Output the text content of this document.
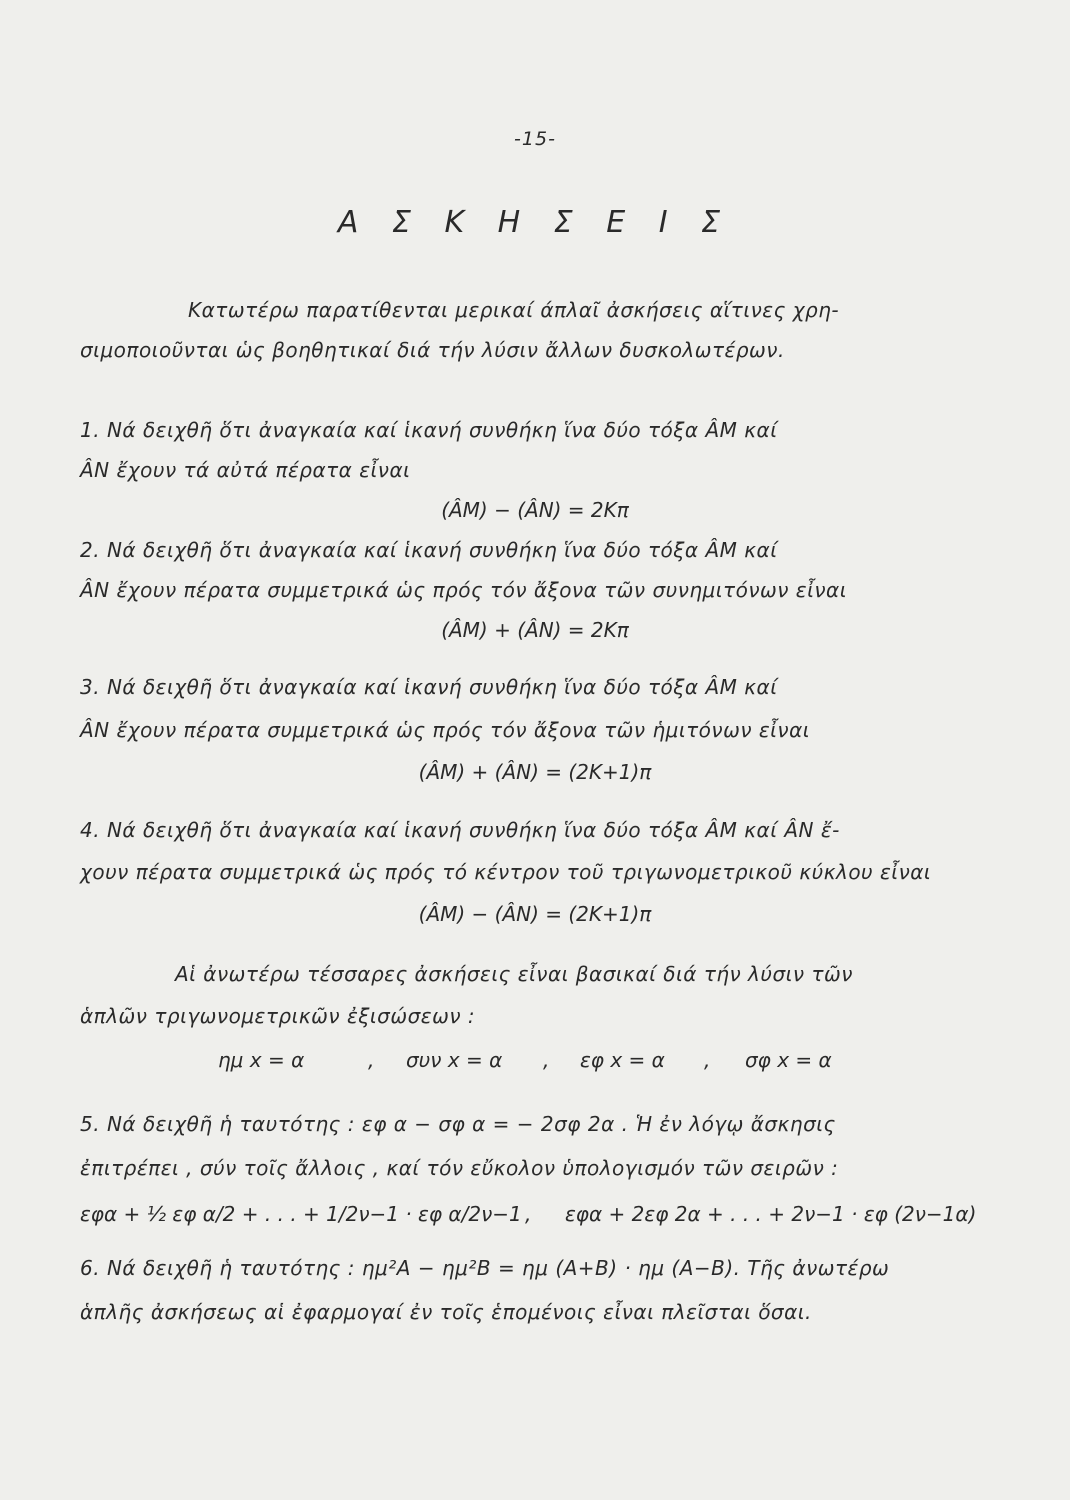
-15-
Α Σ Κ Η Σ Ε Ι Σ
Κατωτέρω παρατίθενται μερικαί άπλαῖ ἀσκήσεις αἵτινες χρη-
σιμοποιοῦνται ὡς βοηθητικαί διά τήν λύσιν ἄλλων δυσκολωτέρων.
1. Νά δειχθῆ ὅτι ἀναγκαία καί ἱκανή συνθήκη ἵνα δύο τόξα ÂM καί
ÂN ἔχουν τά αὐτά πέρατα εἶναι
(ÂM) − (ÂN) = 2Κπ
2. Νά δειχθῆ ὅτι ἀναγκαία καί ἱκανή συνθήκη ἵνα δύο τόξα ÂM καί
ÂN ἔχουν πέρατα συμμετρικά ὡς πρός τόν ἄξονα τῶν συνημιτόνων εἶναι
(ÂM) + (ÂN) = 2Κπ
3. Νά δειχθῆ ὅτι ἀναγκαία καί ἱκανή συνθήκη ἵνα δύο τόξα ÂM καί
ÂN ἔχουν πέρατα συμμετρικά ὡς πρός τόν ἄξονα τῶν ἡμιτόνων εἶναι
(ÂM) + (ÂN) = (2Κ+1)π
4. Νά δειχθῆ ὅτι ἀναγκαία καί ἱκανή συνθήκη ἵνα δύο τόξα ÂM καί ÂN ἔ-
χουν πέρατα συμμετρικά ὡς πρός τό κέντρον τοῦ τριγωνομετρικοῦ κύκλου εἶναι
(ÂM) − (ÂN) = (2Κ+1)π
Αἱ ἀνωτέρω τέσσαρες ἀσκήσεις εἶναι βασικαί διά τήν λύσιν τῶν
ἁπλῶν τριγωνομετρικῶν ἐξισώσεων :
ημ x = α	, συν x = α , εφ x = α , σφ x = α
5. Νά δειχθῆ ἡ ταυτότης : εφ α − σφ α = − 2σφ 2α . Ἡ ἐν λόγῳ ἄσκησις
ἐπιτρέπει , σύν τοῖς ἄλλοις , καί τόν εὔκολον ὑπολογισμόν τῶν σειρῶν :
εφα + ½ εφ α/2 + . . . + 1/2ν−1 · εφ α/2ν−1 , εφα + 2εφ 2α + . . . + 2ν−1 · εφ (2ν−1α)
6. Νά δειχθῆ ἡ ταυτότης : ημ²Α − ημ²Β = ημ (Α+Β) · ημ (Α−Β). Τῆς ἀνωτέρω
ἁπλῆς ἀσκήσεως αἱ ἐφαρμογαί ἐν τοῖς ἑπομένοις εἶναι πλεῖσται ὅσαι.
